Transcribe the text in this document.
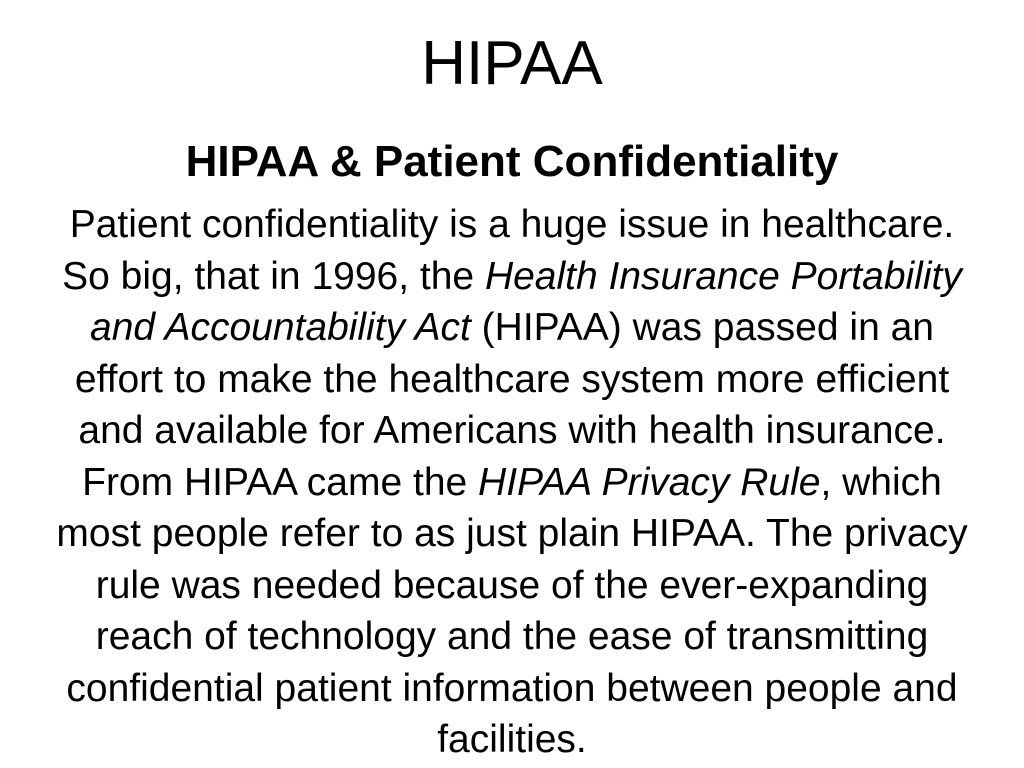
HIPAA
HIPAA & Patient Confidentiality
Patient confidentiality is a huge issue in healthcare.
So big, that in 1996, the Health Insurance Portability
and Accountability Act (HIPAA) was passed in an
effort to make the healthcare system more efficient
and available for Americans with health insurance.
From HIPAA came the HIPAA Privacy Rule, which
most people refer to as just plain HIPAA. The privacy
rule was needed because of the ever-expanding
reach of technology and the ease of transmitting
confidential patient information between people and
facilities.
